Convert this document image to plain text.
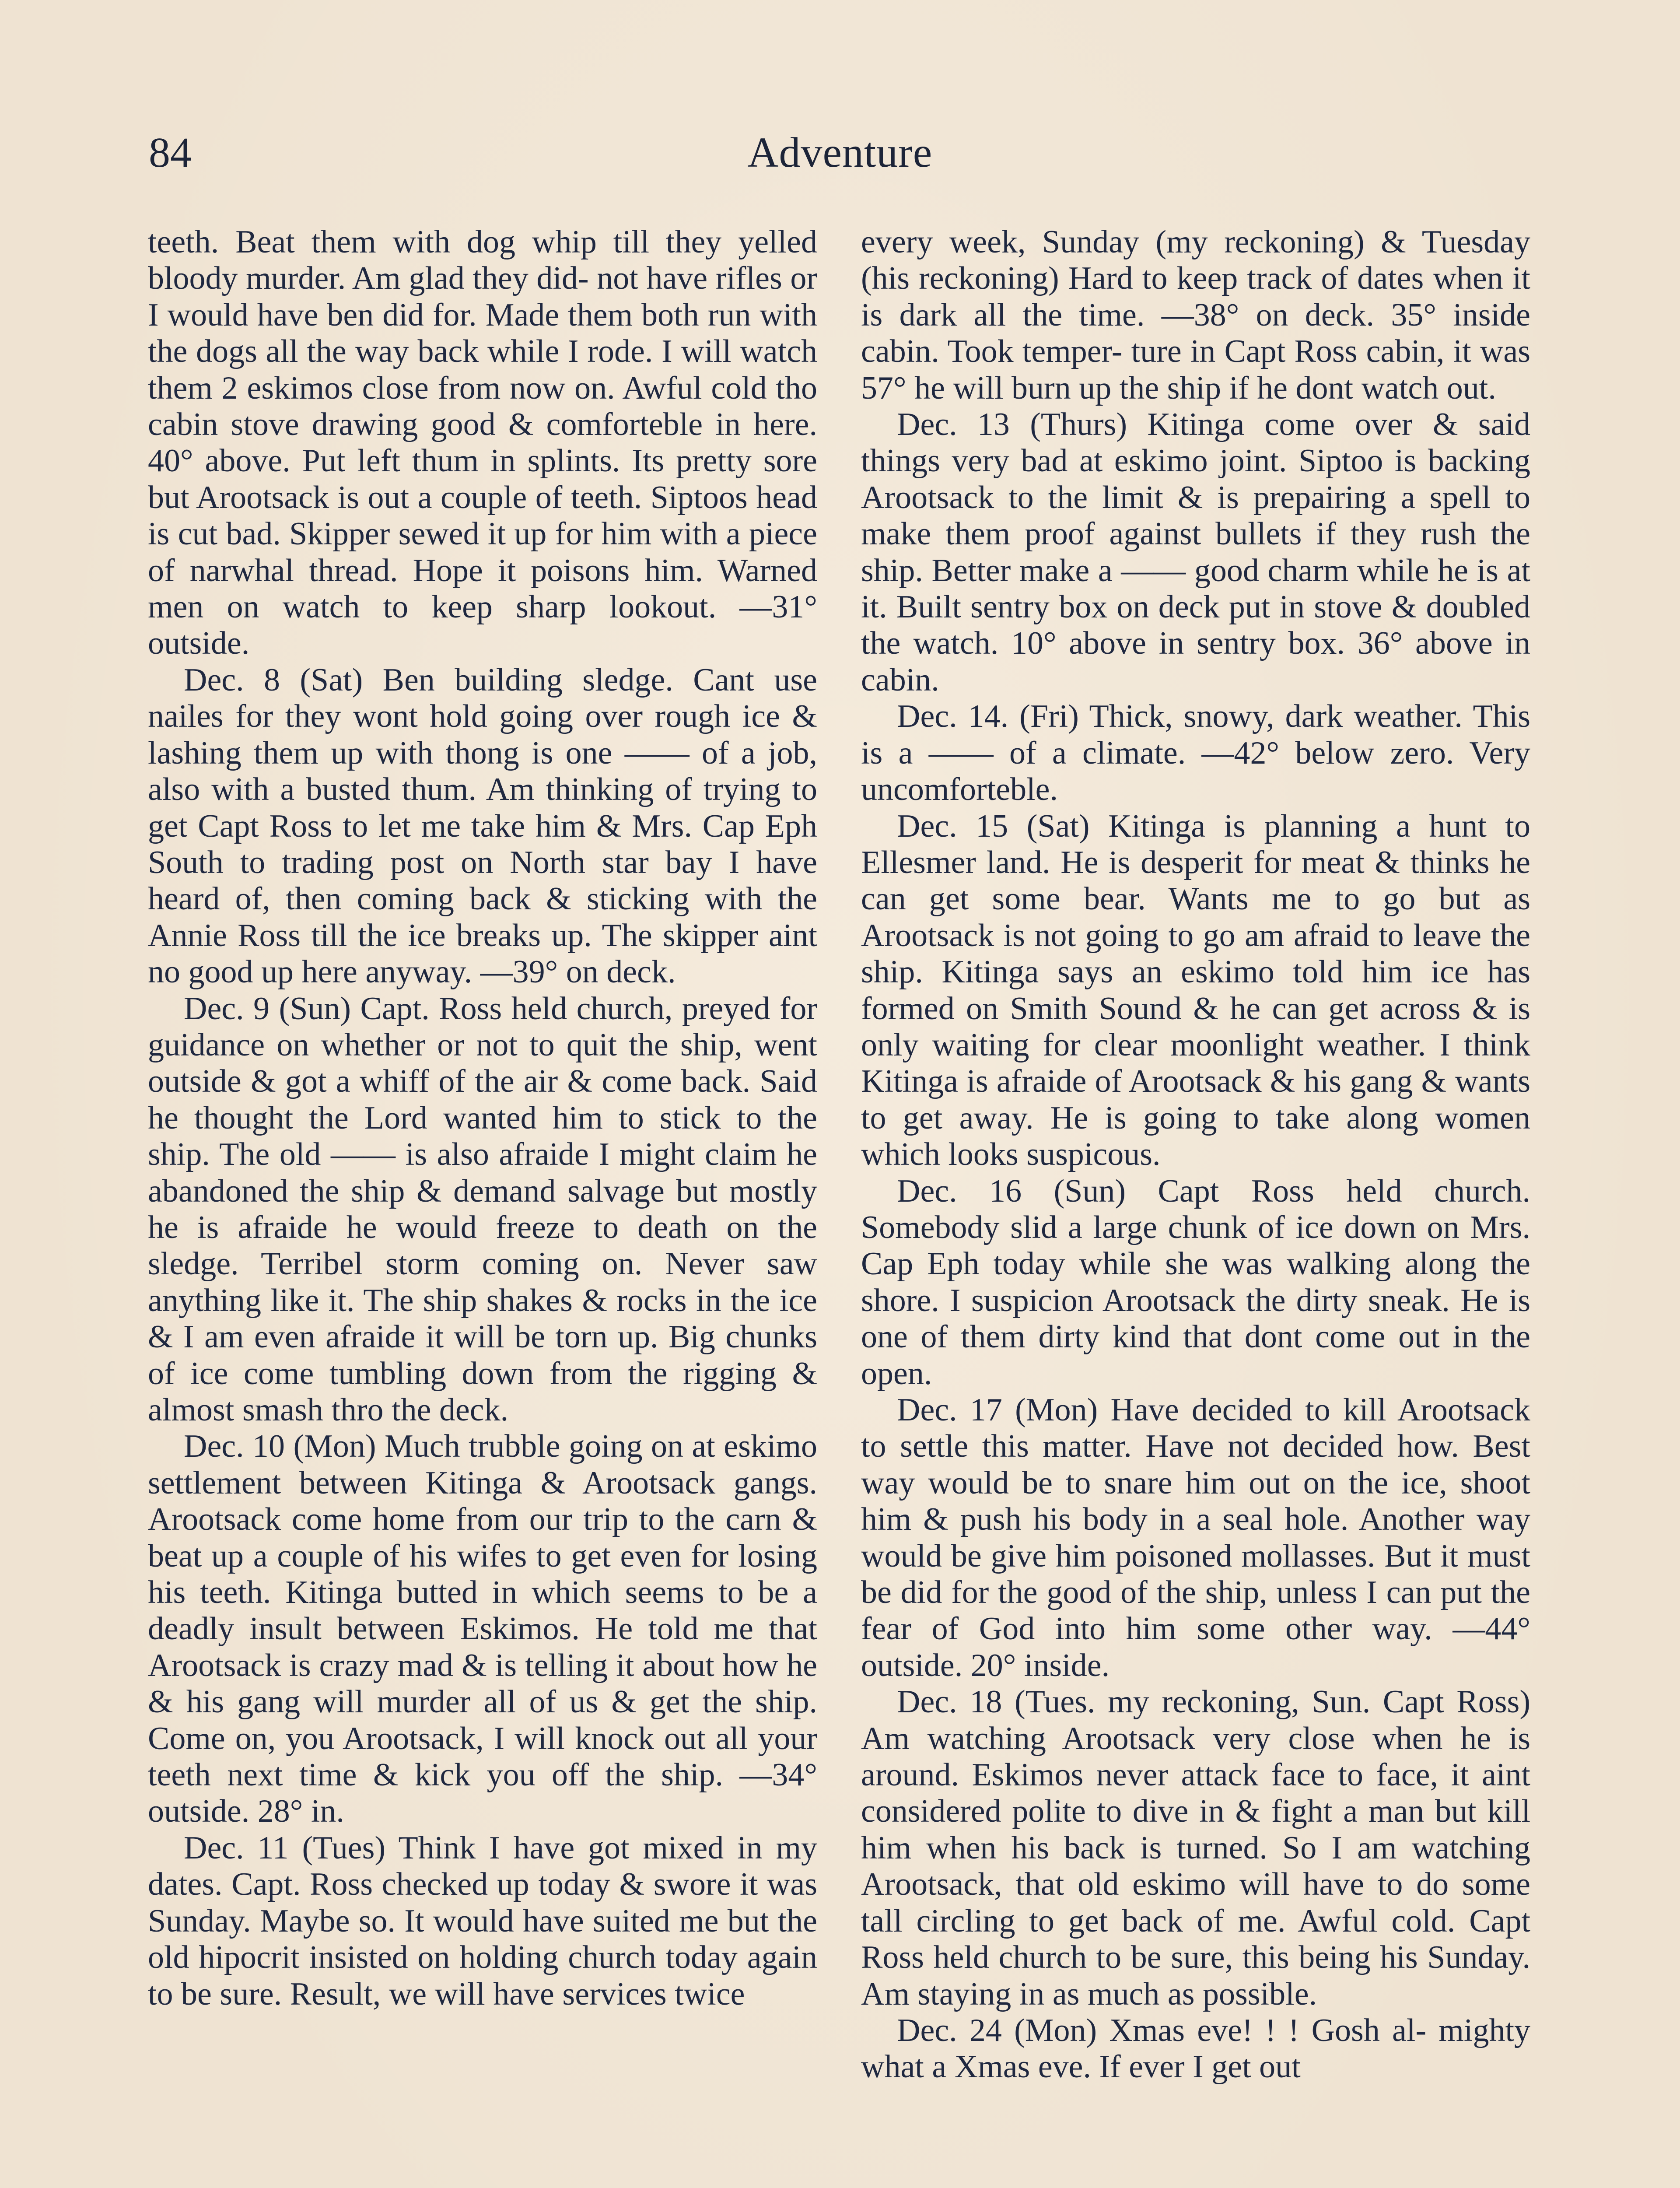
84	Adventure

teeth. Beat them with dog whip till they yelled bloody murder. Am glad they did- not have rifles or I would have ben did for. Made them both run with the dogs all the way back while I rode. I will watch them 2 eskimos close from now on. Awful cold tho cabin stove drawing good & comforteble in here. 40° above. Put left thum in splints. Its pretty sore but Arootsack is out a couple of teeth. Siptoos head is cut bad. Skipper sewed it up for him with a piece of narwhal thread. Hope it poisons him. Warned men on watch to keep sharp lookout. —31° outside.

Dec. 8 (Sat) Ben building sledge. Cant use nailes for they wont hold going over rough ice & lashing them up with thong is one —— of a job, also with a busted thum. Am thinking of trying to get Capt Ross to let me take him & Mrs. Cap Eph South to trading post on North star bay I have heard of, then coming back & sticking with the Annie Ross till the ice breaks up. The skipper aint no good up here anyway. —39° on deck.

Dec. 9 (Sun) Capt. Ross held church, preyed for guidance on whether or not to quit the ship, went outside & got a whiff of the air & come back. Said he thought the Lord wanted him to stick to the ship. The old —— is also afraide I might claim he abandoned the ship & demand salvage but mostly he is afraide he would freeze to death on the sledge. Terribel storm coming on. Never saw anything like it. The ship shakes & rocks in the ice & I am even afraide it will be torn up. Big chunks of ice come tumbling down from the rigging & almost smash thro the deck.

Dec. 10 (Mon) Much trubble going on at eskimo settlement between Kitinga & Arootsack gangs. Arootsack come home from our trip to the carn & beat up a couple of his wifes to get even for losing his teeth. Kitinga butted in which seems to be a deadly insult between Eskimos. He told me that Arootsack is crazy mad & is telling it about how he & his gang will murder all of us & get the ship. Come on, you Arootsack, I will knock out all your teeth next time & kick you off the ship. —34° outside. 28° in.

Dec. 11 (Tues) Think I have got mixed in my dates. Capt. Ross checked up today & swore it was Sunday. Maybe so. It would have suited me but the old hipocrit insisted on holding church today again to be sure. Result, we will have services twice

every week, Sunday (my reckoning) & Tuesday (his reckoning) Hard to keep track of dates when it is dark all the time. —38° on deck. 35° inside cabin. Took temper- ture in Capt Ross cabin, it was 57° he will burn up the ship if he dont watch out.

Dec. 13 (Thurs) Kitinga come over & said things very bad at eskimo joint. Siptoo is backing Arootsack to the limit & is prepairing a spell to make them proof against bullets if they rush the ship. Better make a —— good charm while he is at it. Built sentry box on deck put in stove & doubled the watch. 10° above in sentry box. 36° above in cabin.

Dec. 14. (Fri) Thick, snowy, dark weather. This is a —— of a climate. —42° below zero. Very uncomforteble.

Dec. 15 (Sat) Kitinga is planning a hunt to Ellesmer land. He is desperit for meat & thinks he can get some bear. Wants me to go but as Arootsack is not going to go am afraid to leave the ship. Kitinga says an eskimo told him ice has formed on Smith Sound & he can get across & is only waiting for clear moonlight weather. I think Kitinga is afraide of Arootsack & his gang & wants to get away. He is going to take along women which looks suspicous.

Dec. 16 (Sun) Capt Ross held church. Somebody slid a large chunk of ice down on Mrs. Cap Eph today while she was walking along the shore. I suspicion Arootsack the dirty sneak. He is one of them dirty kind that dont come out in the open.

Dec. 17 (Mon) Have decided to kill Arootsack to settle this matter. Have not decided how. Best way would be to snare him out on the ice, shoot him & push his body in a seal hole. Another way would be give him poisoned mollasses. But it must be did for the good of the ship, unless I can put the fear of God into him some other way. —44° outside. 20° inside.

Dec. 18 (Tues. my reckoning, Sun. Capt Ross) Am watching Arootsack very close when he is around. Eskimos never attack face to face, it aint considered polite to dive in & fight a man but kill him when his back is turned. So I am watching Arootsack, that old eskimo will have to do some tall circling to get back of me. Awful cold. Capt Ross held church to be sure, this being his Sunday. Am staying in as much as possible.

Dec. 24 (Mon) Xmas eve! ! ! Gosh al- mighty what a Xmas eve. If ever I get out
